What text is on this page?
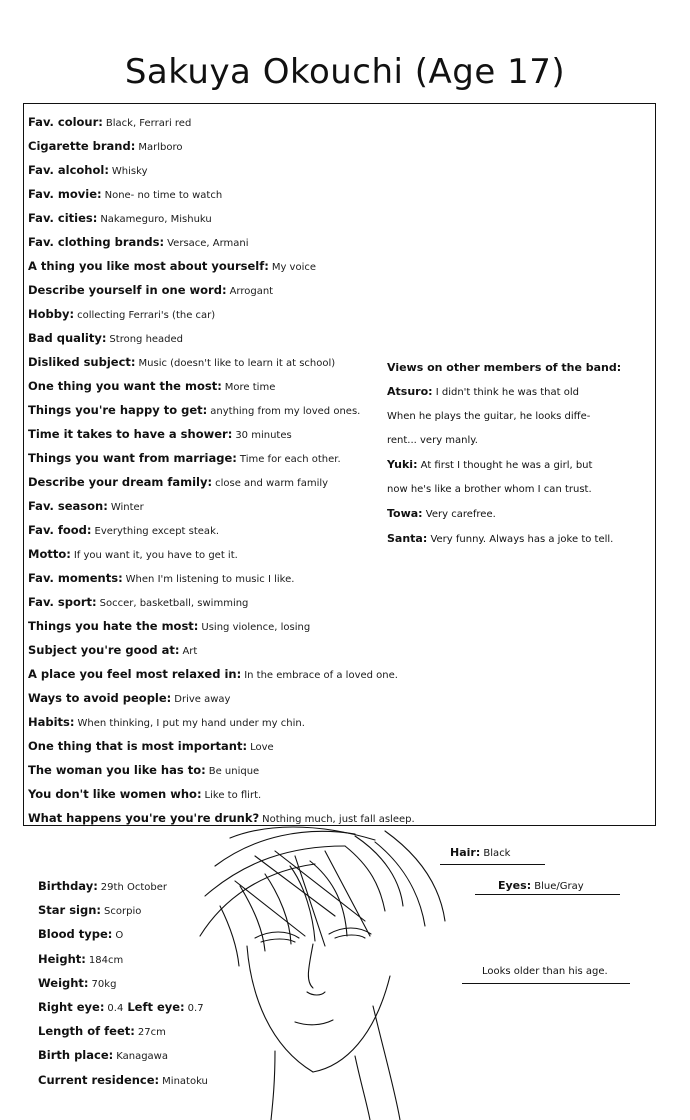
Sakuya Okouchi (Age 17)
Fav. colour: Black, Ferrari red
Cigarette brand: Marlboro
Fav. alcohol: Whisky
Fav. movie: None- no time to watch
Fav. cities: Nakameguro, Mishuku
Fav. clothing brands: Versace, Armani
A thing you like most about yourself: My voice
Describe yourself in one word: Arrogant
Hobby: collecting Ferrari's (the car)
Bad quality: Strong headed
Disliked subject: Music (doesn't like to learn it at school)
One thing you want the most: More time
Things you're happy to get: anything from my loved ones.
Time it takes to have a shower: 30 minutes
Things you want from marriage: Time for each other.
Describe your dream family: close and warm family
Fav. season: Winter
Fav. food: Everything except steak.
Motto: If you want it, you have to get it.
Fav. moments: When I'm listening to music I like.
Fav. sport: Soccer, basketball, swimming
Things you hate the most: Using violence, losing
Subject you're good at: Art
A place you feel most relaxed in: In the embrace of a loved one.
Ways to avoid people: Drive away
Habits: When thinking, I put my hand under my chin.
One thing that is most important: Love
The woman you like has to: Be unique
You don't like women who: Like to flirt.
What happens you're you're drunk? Nothing much, just fall asleep.
Views on other members of the band:
Atsuro: I didn't think he was that old
When he plays the guitar, he looks diffe-
rent... very manly.
Yuki: At first I thought he was a girl, but
now he's like a brother whom I can trust.
Towa: Very carefree.
Santa: Very funny. Always has a joke to tell.
Birthday: 29th October
Star sign: Scorpio
Blood type: O
Height: 184cm
Weight: 70kg
Right eye: 0.4 Left eye: 0.7
Length of feet: 27cm
Birth place: Kanagawa
Current residence: Minatoku
Hair: Black
Eyes: Blue/Gray
Looks older than his age.
